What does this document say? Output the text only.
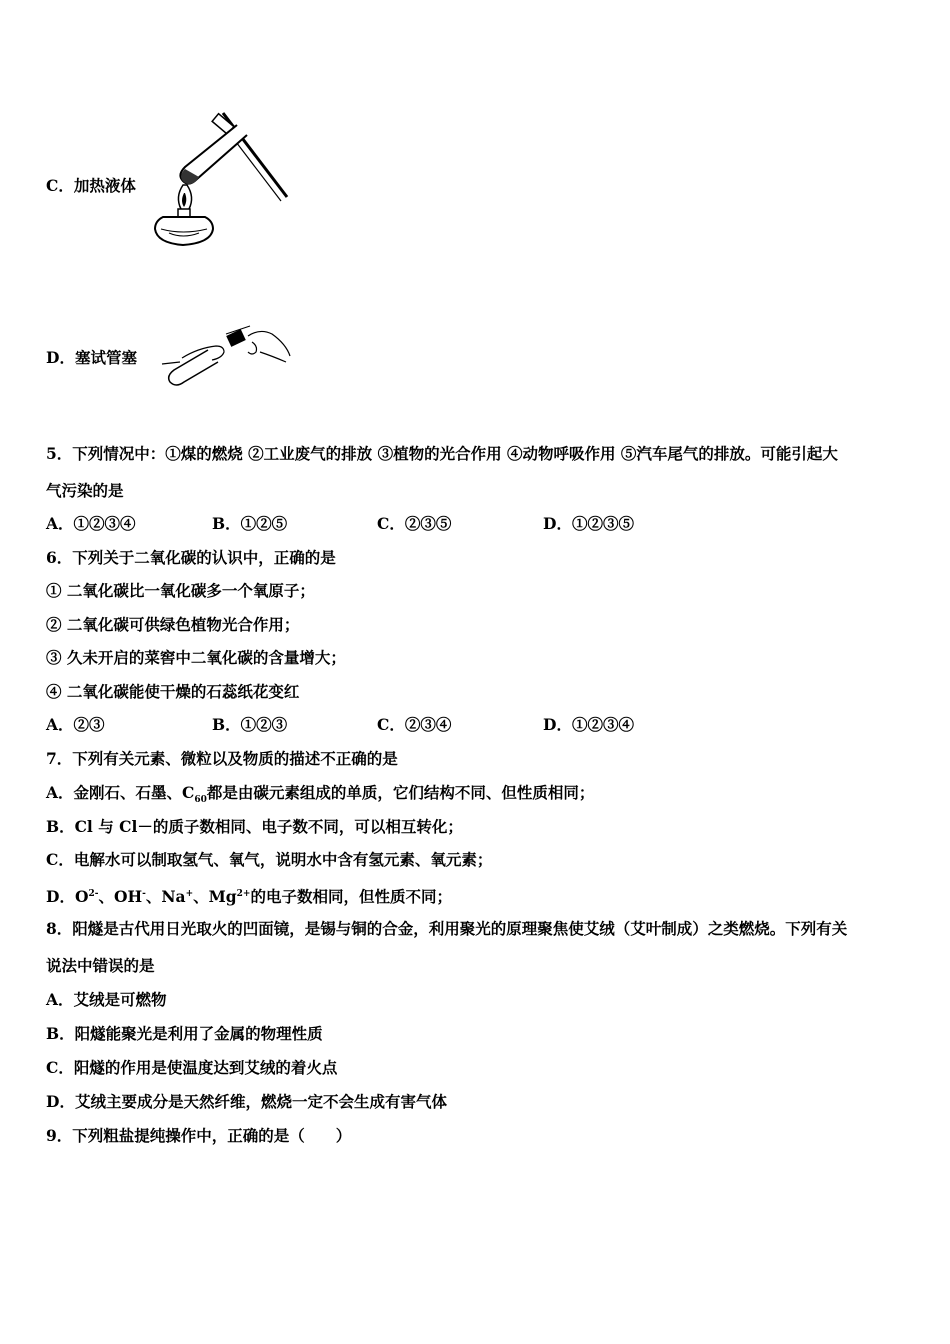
C．加热液体
D．塞试管塞
5．下列情况中：①煤的燃烧 ②工业废气的排放 ③植物的光合作用 ④动物呼吸作用 ⑤汽车尾气的排放。可能引起大
气污染的是
A．①②③④	B．①②⑤	C．②③⑤	D．①②③⑤
6．下列关于二氧化碳的认识中，正确的是
① 二氧化碳比一氧化碳多一个氧原子；
② 二氧化碳可供绿色植物光合作用；
③ 久未开启的菜窖中二氧化碳的含量增大；
④ 二氧化碳能使干燥的石蕊纸花变红
A．②③	B．①②③	C．②③④	D．①②③④
7．下列有关元素、微粒以及物质的描述不正确的是
A．金刚石、石墨、$C_{60}$都是由碳元素组成的单质，它们结构不同、但性质相同；
B．Cl 与 Cl－的质子数相同、电子数不同，可以相互转化；
C．电解水可以制取氢气、氧气，说明水中含有氢元素、氧元素；
D．$O^{2-}$、OH-、Na+、$Mg^{2+}$的电子数相同，但性质不同；
8．阳燧是古代用日光取火的凹面镜，是锡与铜的合金，利用聚光的原理聚焦使艾绒（艾叶制成）之类燃烧。下列有关
说法中错误的是
A．艾绒是可燃物
B．阳燧能聚光是利用了金属的物理性质
C．阳燧的作用是使温度达到艾绒的着火点
D．艾绒主要成分是天然纤维，燃烧一定不会生成有害气体
9．下列粗盐提纯操作中，正确的是（　　）
